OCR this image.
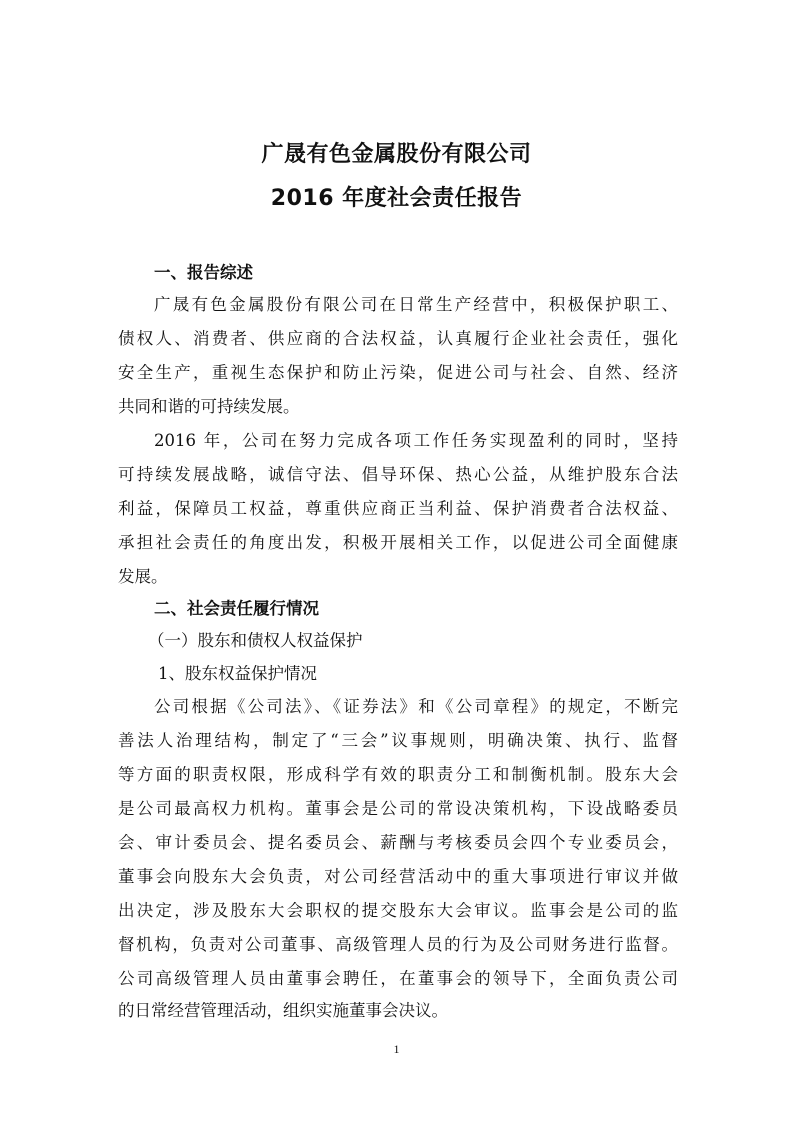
广晟有色金属股份有限公司
2016 年度社会责任报告
一、报告综述
广晟有色金属股份有限公司在日常生产经营中，积极保护职工、
债权人、消费者、供应商的合法权益，认真履行企业社会责任，强化
安全生产，重视生态保护和防止污染，促进公司与社会、自然、经济
共同和谐的可持续发展。
2016 年，公司在努力完成各项工作任务实现盈利的同时，坚持
可持续发展战略，诚信守法、倡导环保、热心公益，从维护股东合法
利益，保障员工权益，尊重供应商正当利益、保护消费者合法权益、
承担社会责任的角度出发，积极开展相关工作，以促进公司全面健康
发展。
二、社会责任履行情况
（一）股东和债权人权益保护
1、股东权益保护情况
公司根据《公司法》、《证券法》和《公司章程》的规定，不断完
善法人治理结构，制定了“三会”议事规则，明确决策、执行、监督
等方面的职责权限，形成科学有效的职责分工和制衡机制。股东大会
是公司最高权力机构。董事会是公司的常设决策机构，下设战略委员
会、审计委员会、提名委员会、薪酬与考核委员会四个专业委员会，
董事会向股东大会负责，对公司经营活动中的重大事项进行审议并做
出决定，涉及股东大会职权的提交股东大会审议。监事会是公司的监
督机构，负责对公司董事、高级管理人员的行为及公司财务进行监督。
公司高级管理人员由董事会聘任，在董事会的领导下，全面负责公司
的日常经营管理活动，组织实施董事会决议。
1
